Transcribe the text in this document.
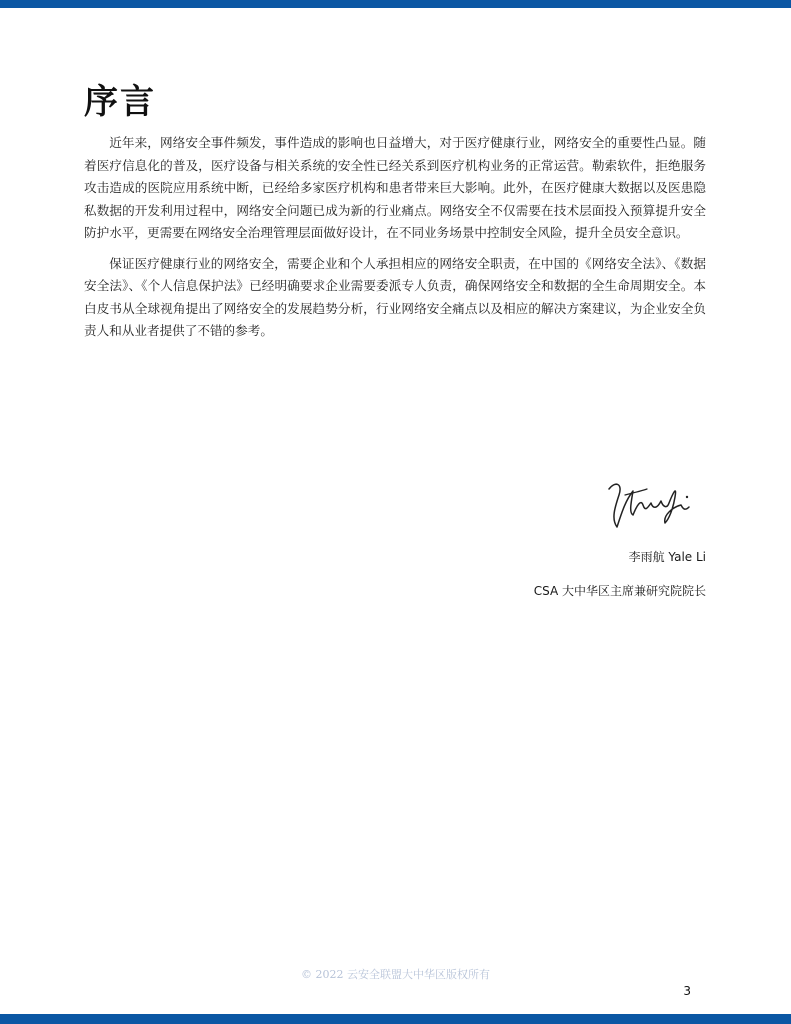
序言

近年来，网络安全事件频发，事件造成的影响也日益增大，对于医疗健康行业，网络安全的重要性凸显。随着医疗信息化的普及，医疗设备与相关系统的安全性已经关系到医疗机构业务的正常运营。勒索软件，拒绝服务攻击造成的医院应用系统中断，已经给多家医疗机构和患者带来巨大影响。此外，在医疗健康大数据以及医患隐私数据的开发利用过程中，网络安全问题已成为新的行业痛点。网络安全不仅需要在技术层面投入预算提升安全防护水平，更需要在网络安全治理管理层面做好设计，在不同业务场景中控制安全风险，提升全员安全意识。

保证医疗健康行业的网络安全，需要企业和个人承担相应的网络安全职责，在中国的《网络安全法》、《数据安全法》、《个人信息保护法》已经明确要求企业需要委派专人负责，确保网络安全和数据的全生命周期安全。本白皮书从全球视角提出了网络安全的发展趋势分析，行业网络安全痛点以及相应的解决方案建议，为企业安全负责人和从业者提供了不错的参考。

李雨航 Yale Li
CSA 大中华区主席兼研究院院长
© 2022 云安全联盟大中华区版权所有
3
